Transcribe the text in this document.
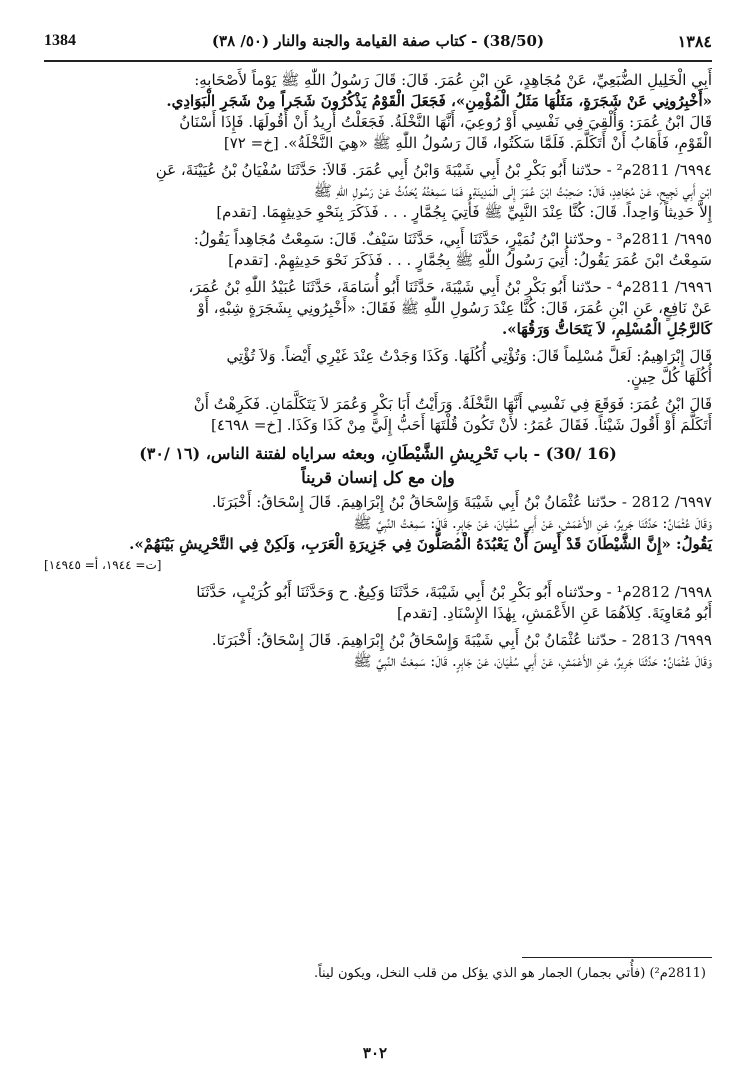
1384	(38/50) - كتاب صفة القيامة والجنة والنار (٥٠/ ٣٨)	١٣٨٤

أَبِي الْخَلِيلِ الضُّبَعِيِّ، عَنْ مُجَاهِدٍ، عَنِ ابْنِ عُمَرَ. قَالَ: قَالَ رَسُولُ اللّٰهِ ﷺ يَوْماً لأَصْحَابِهِ:

«أَخْبِرُونِي عَنْ شَجَرَةٍ، مَثَلُهَا مَثَلُ الْمُؤْمِنِ»، فَجَعَلَ الْقَوْمُ يَذْكُرُونَ شَجَراً مِنْ شَجَرِ الْبَوَادِي.

قَالَ ابْنُ عُمَرَ: وَأُلْقِيَ فِي نَفْسِي أَوْ رُوعِيَ، أَنَّهَا النَّخْلَةُ. فَجَعَلْتُ أُرِيدُ أَنْ أَقُولَهَا. فَإِذَا أَسْنَانُ

الْقَوْمِ، فَأَهَابُ أَنْ أَتَكَلَّمَ. فَلَمَّا سَكَتُوا، قَالَ رَسُولُ اللّٰهِ ﷺ «هِيَ النَّخْلَةُ». [خ= ٧٢]

٦٩٩٤/ 2811م² - حدّثنا أَبُو بَكْرِ بْنُ أَبِي شَيْبَةَ وَابْنُ أَبِي عُمَرَ. قَالاَ: حَدَّثَنَا سُفْيَانُ بْنُ عُيَيْنَةَ، عَنِ

ابْنِ أَبِي نَجِيحٍ، عَنْ مُجَاهِدٍ، قَالَ: صَحِبْتُ ابْنَ عُمَرَ إِلَى الْمَدِينَةِ. فَمَا سَمِعْتُهُ يُحَدِّثُ عَنْ رَسُولِ اللّٰهِ ﷺ

إِلاَّ حَدِيثاً وَاحِداً. قَالَ: كُنَّا عِنْدَ النَّبِيِّ ﷺ فَأُتِيَ بِجُمَّارٍ . . . فَذَكَرَ بِنَحْوِ حَدِيثِهِمَا. [تقدم]

٦٩٩٥/ 2811م³ - وحدّثنا ابْنُ نُمَيْرٍ، حَدَّثَنَا أَبِي، حَدَّثَنَا سَيْفٌ. قَالَ: سَمِعْتُ مُجَاهِداً يَقُولُ:

سَمِعْتُ ابْنَ عُمَرَ يَقُولُ: أُتِيَ رَسُولُ اللّٰهِ ﷺ بِجُمَّارٍ . . . فَذَكَرَ نَحْوَ حَدِيثِهِمْ. [تقدم]

٦٩٩٦/ 2811م⁴ - حدّثنا أَبُو بَكْرِ بْنُ أَبِي شَيْبَةَ، حَدَّثَنَا أَبُو أُسَامَةَ، حَدَّثَنَا عُبَيْدُ اللّٰهِ بْنُ عُمَرَ،

عَنْ نَافِعٍ، عَنِ ابْنِ عُمَرَ، قَالَ: كُنَّا عِنْدَ رَسُولِ اللّٰهِ ﷺ فَقَالَ: «أَخْبِرُونِي بِشَجَرَةٍ شِبْهِ، أَوْ

كَالرَّجُلِ الْمُسْلِمِ، لاَ يَتَحَاتُّ وَرَقُهَا».

قَالَ إِبْرَاهِيمُ: لَعَلَّ مُسْلِماً قَالَ: وَتُؤْتِي أُكُلَهَا. وَكَذَا وَجَدْتُ عِنْدَ غَيْرِي أَيْضاً. وَلاَ تُؤْتِي

أُكُلَهَا كُلَّ حِينٍ.

قَالَ ابْنُ عُمَرَ: فَوَقَعَ فِي نَفْسِي أَنَّهَا النَّخْلَةُ. وَرَأَيْتُ أَبَا بَكْرٍ وَعُمَرَ لاَ يَتَكَلَّمَانِ. فَكَرِهْتُ أَنْ

أَتَكَلَّمَ أَوْ أَقُولَ شَيْئاً. فَقَالَ عُمَرُ: لأَنْ تَكُونَ قُلْتَهَا أَحَبُّ إِلَيَّ مِنْ كَذَا وَكَذَا. [خ= ٤٦٩٨]

(16 /30) - باب تَحْرِيشِ الشَّيْطَانِ، وبعثه سراياه لفتنة الناس، (١٦ /٣٠)

وإن مع كل إنسان قريناً

٦٩٩٧/ 2812 - حدّثنا عُثْمَانُ بْنُ أَبِي شَيْبَةَ وَإِسْحَاقُ بْنُ إِبْرَاهِيمَ. قَالَ إِسْحَاقُ: أَخْبَرَنَا.

وَقَالَ عُثْمَانُ: حَدَّثَنَا جَرِيرٌ، عَنِ الأَعْمَشِ، عَنْ أَبِي سُفْيَانَ، عَنْ جَابِرٍ. قَالَ: سَمِعْتُ النَّبِيَّ ﷺ

يَقُولُ: «إِنَّ الشَّيْطَانَ قَدْ أَيِسَ أَنْ يَعْبُدَهُ الْمُصَلُّونَ فِي جَزِيرَةِ الْعَرَبِ، وَلَكِنْ فِي التَّحْرِيشِ بَيْنَهُمْ».

[ت= ١٩٤٤، أ= ١٤٩٤٥]

٦٩٩٨/ 2812م¹ - وحدّثناه أَبُو بَكْرِ بْنُ أَبِي شَيْبَةَ، حَدَّثَنَا وَكِيعٌ. ح وَحَدَّثَنَا أَبُو كُرَيْبٍ، حَدَّثَنَا

أَبُو مُعَاوِيَةَ. كِلاَهُمَا عَنِ الأَعْمَشِ، بِهٰذَا الإِسْنَادِ. [تقدم]

٦٩٩٩/ 2813 - حدّثنا عُثْمَانُ بْنُ أَبِي شَيْبَةَ وَإِسْحَاقُ بْنُ إِبْرَاهِيمَ. قَالَ إِسْحَاقُ: أَخْبَرَنَا.

وَقَالَ عُثْمَانُ: حَدَّثَنَا جَرِيرٌ، عَنِ الأَعْمَشِ، عَنْ أَبِي سُفْيَانَ، عَنْ جَابِرٍ. قَالَ: سَمِعْتُ النَّبِيَّ ﷺ

(2811م²) (فأُتي بجمار) الجمار هو الذي يؤكل من قلب النخل، ويكون ليناً.
٣٠٢
